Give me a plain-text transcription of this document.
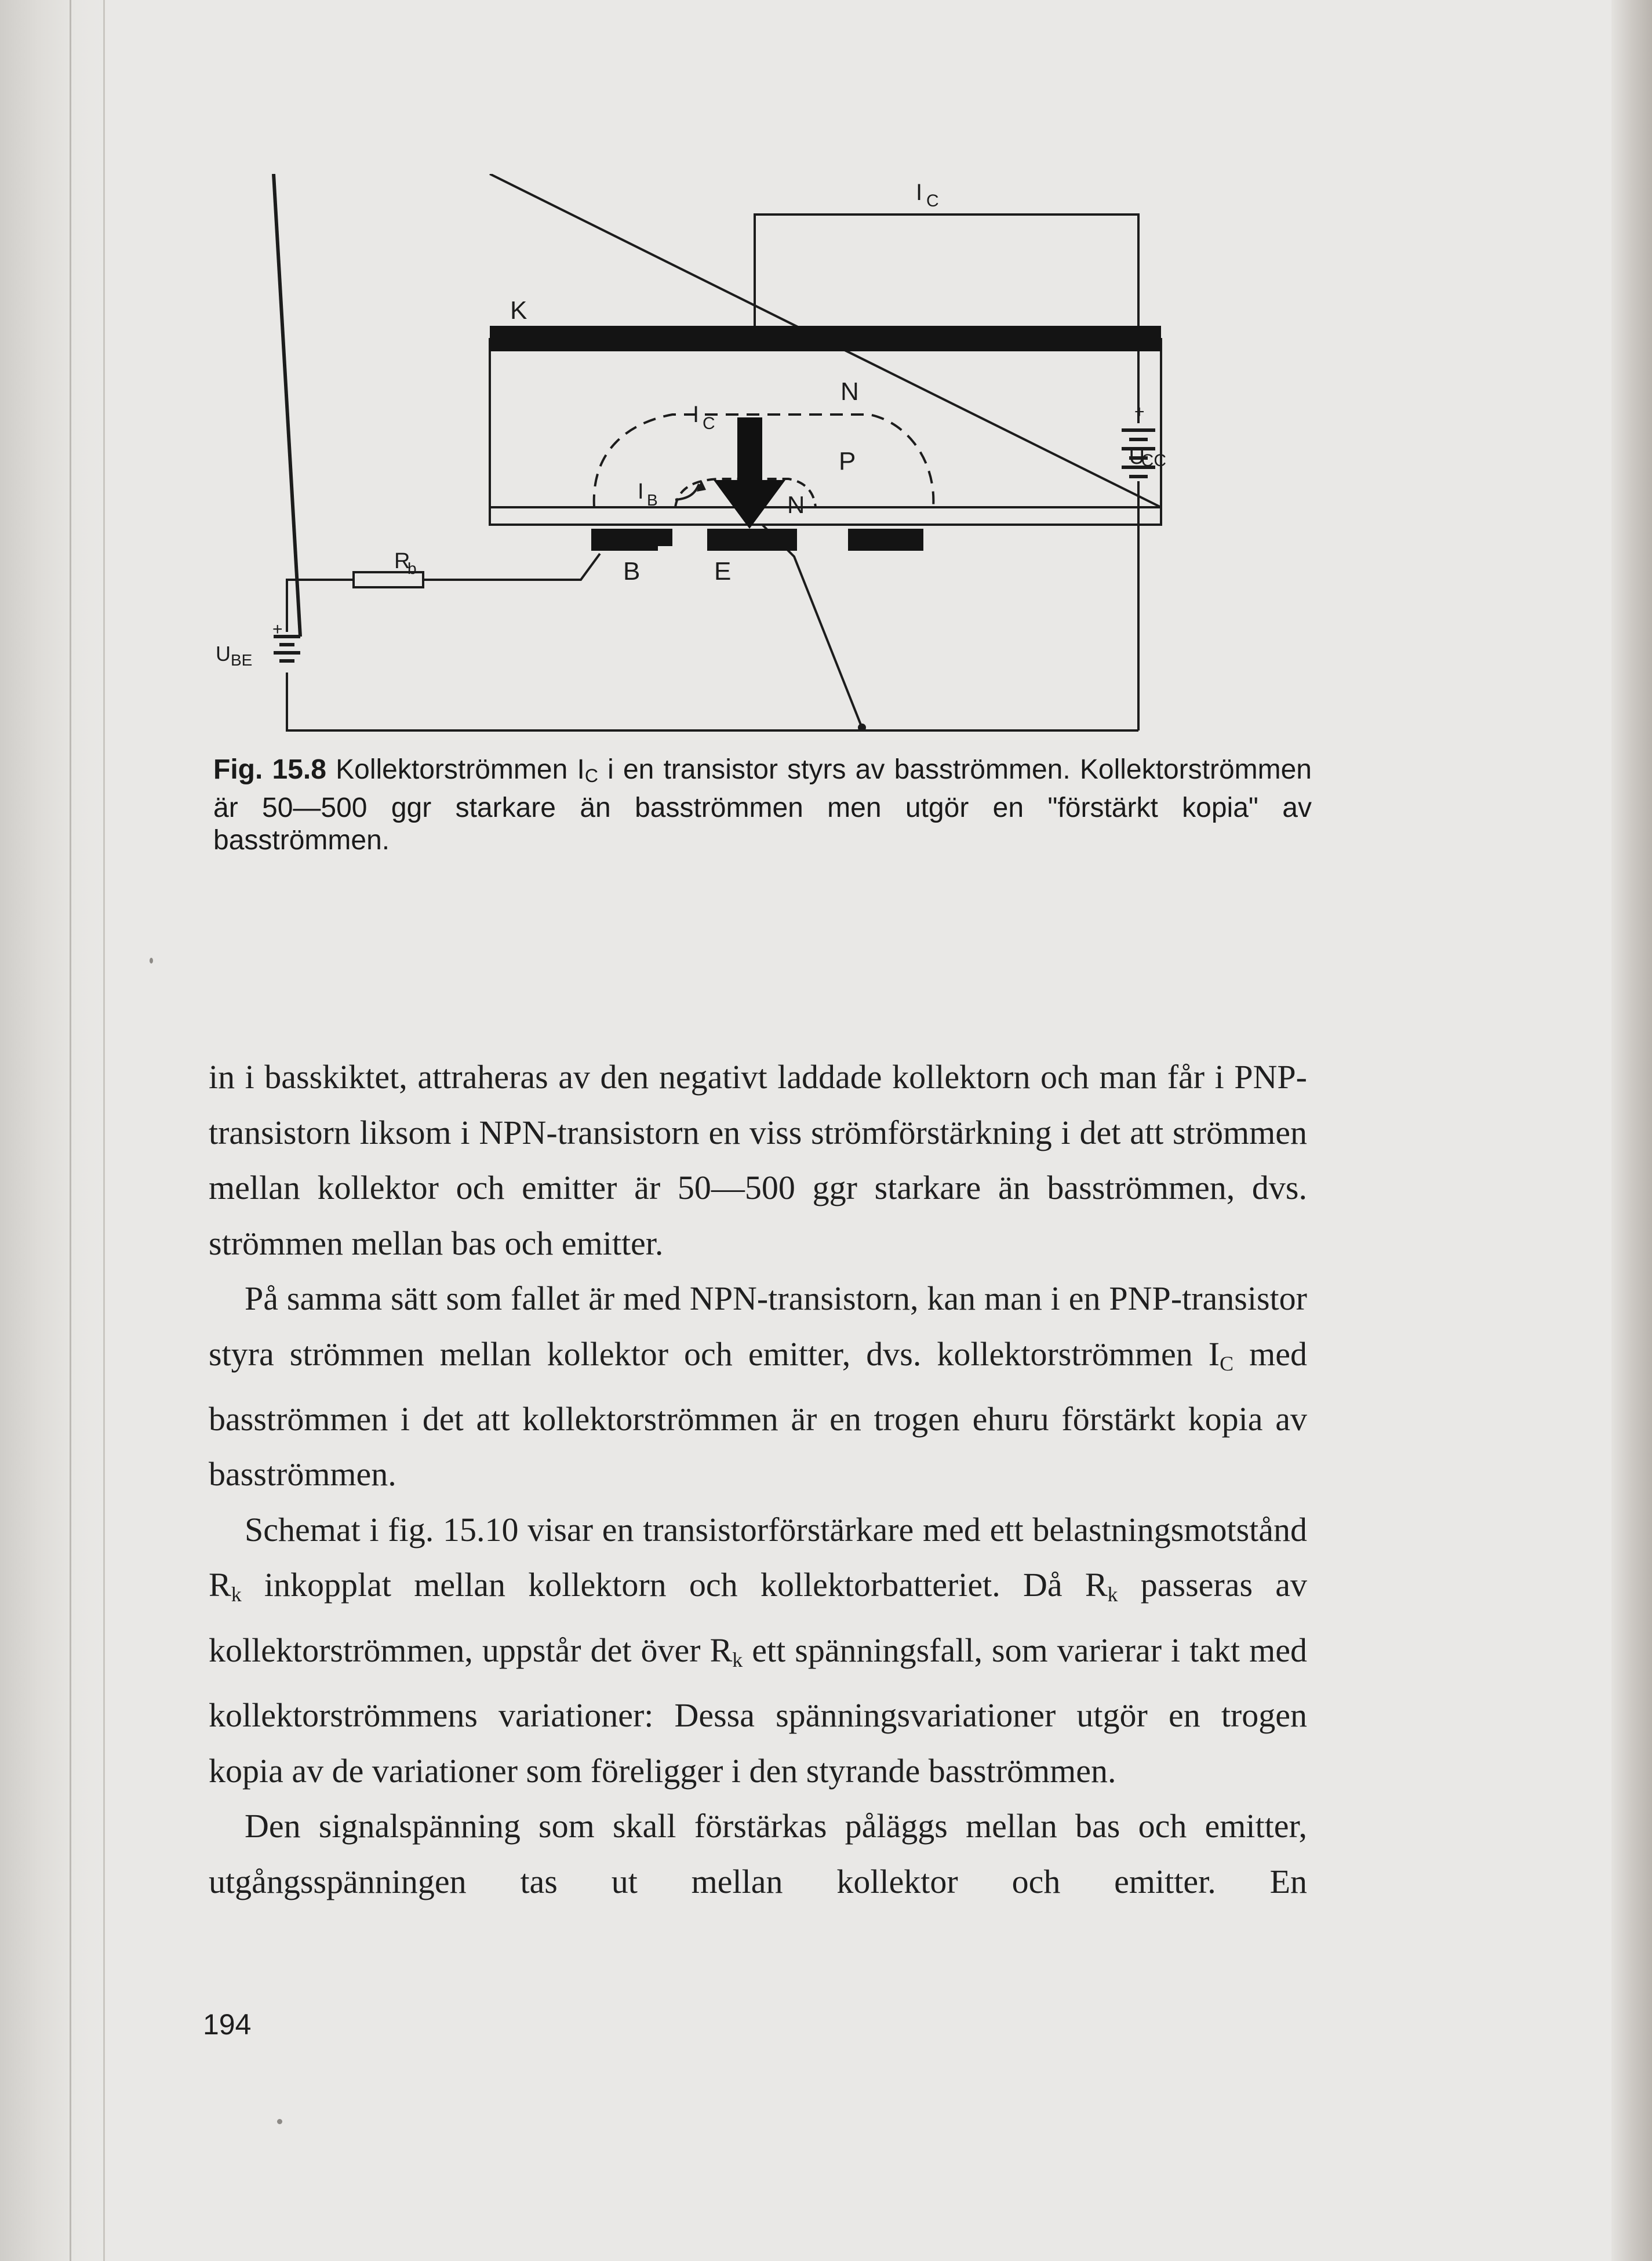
I C
K
N
I C
P
I B	N
+
U
CC
R
b	B	E
+
U BE
Fig. 15.8 Kollektorströmmen IC i en transistor styrs av basströmmen. Kollektorströmmen är 50—500 ggr starkare än basströmmen men utgör en "förstärkt kopia" av basströmmen.

in i basskiktet, attraheras av den negativt laddade kollektorn och man får i PNP-transistorn liksom i NPN-transistorn en viss strömförstärkning i det att strömmen mellan kollektor och emitter är 50—500 ggr starkare än basströmmen, dvs. strömmen mellan bas och emitter.

På samma sätt som fallet är med NPN-transistorn, kan man i en PNP-transistor styra strömmen mellan kollektor och emitter, dvs. kollektorströmmen $I_C$ med basströmmen i det att kollektorströmmen är en trogen ehuru förstärkt kopia av basströmmen.

Schemat i fig. 15.10 visar en transistorförstärkare med ett belastningsmotstånd $R_k$ inkopplat mellan kollektorn och kollektorbatteriet. Då $R_k$ passeras av kollektorströmmen, uppstår det över $R_k$ ett spänningsfall, som varierar i takt med kollektorströmmens variationer: Dessa spänningsvariationer utgör en trogen kopia av de variationer som föreligger i den styrande basströmmen.

Den signalspänning som skall förstärkas påläggs mellan bas och emitter, utgångsspänningen tas ut mellan kollektor och emitter. En

194
